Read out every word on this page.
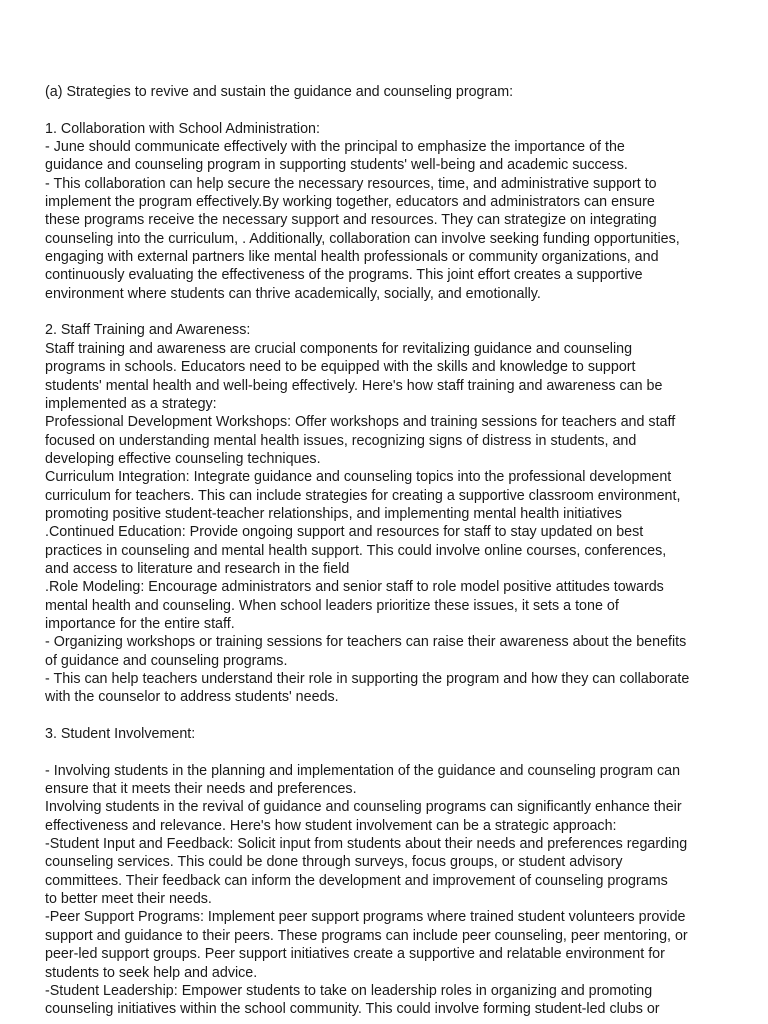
(a) Strategies to revive and sustain the guidance and counseling program:
1. Collaboration with School Administration:
- June should communicate effectively with the principal to emphasize the importance of the
guidance and counseling program in supporting students' well-being and academic success.
- This collaboration can help secure the necessary resources, time, and administrative support to
implement the program effectively.By working together, educators and administrators can ensure
these programs receive the necessary support and resources. They can strategize on integrating
counseling into the curriculum, . Additionally, collaboration can involve seeking funding opportunities,
engaging with external partners like mental health professionals or community organizations, and
continuously evaluating the effectiveness of the programs. This joint effort creates a supportive
environment where students can thrive academically, socially, and emotionally.
2. Staff Training and Awareness:
Staff training and awareness are crucial components for revitalizing guidance and counseling
programs in schools. Educators need to be equipped with the skills and knowledge to support
students' mental health and well-being effectively. Here's how staff training and awareness can be
implemented as a strategy:
Professional Development Workshops: Offer workshops and training sessions for teachers and staff
focused on understanding mental health issues, recognizing signs of distress in students, and
developing effective counseling techniques.
Curriculum Integration: Integrate guidance and counseling topics into the professional development
curriculum for teachers. This can include strategies for creating a supportive classroom environment,
promoting positive student-teacher relationships, and implementing mental health initiatives
.Continued Education: Provide ongoing support and resources for staff to stay updated on best
practices in counseling and mental health support. This could involve online courses, conferences,
and access to literature and research in the field
.Role Modeling: Encourage administrators and senior staff to role model positive attitudes towards
mental health and counseling. When school leaders prioritize these issues, it sets a tone of
importance for the entire staff.
- Organizing workshops or training sessions for teachers can raise their awareness about the benefits
of guidance and counseling programs.
- This can help teachers understand their role in supporting the program and how they can collaborate
with the counselor to address students' needs.
3. Student Involvement:
- Involving students in the planning and implementation of the guidance and counseling program can
ensure that it meets their needs and preferences.
Involving students in the revival of guidance and counseling programs can significantly enhance their
effectiveness and relevance. Here's how student involvement can be a strategic approach:
-Student Input and Feedback: Solicit input from students about their needs and preferences regarding
counseling services. This could be done through surveys, focus groups, or student advisory
committees. Their feedback can inform the development and improvement of counseling programs
to better meet their needs.
-Peer Support Programs: Implement peer support programs where trained student volunteers provide
support and guidance to their peers. These programs can include peer counseling, peer mentoring, or
peer-led support groups. Peer support initiatives create a supportive and relatable environment for
students to seek help and advice.
-Student Leadership: Empower students to take on leadership roles in organizing and promoting
counseling initiatives within the school community. This could involve forming student-led clubs or
